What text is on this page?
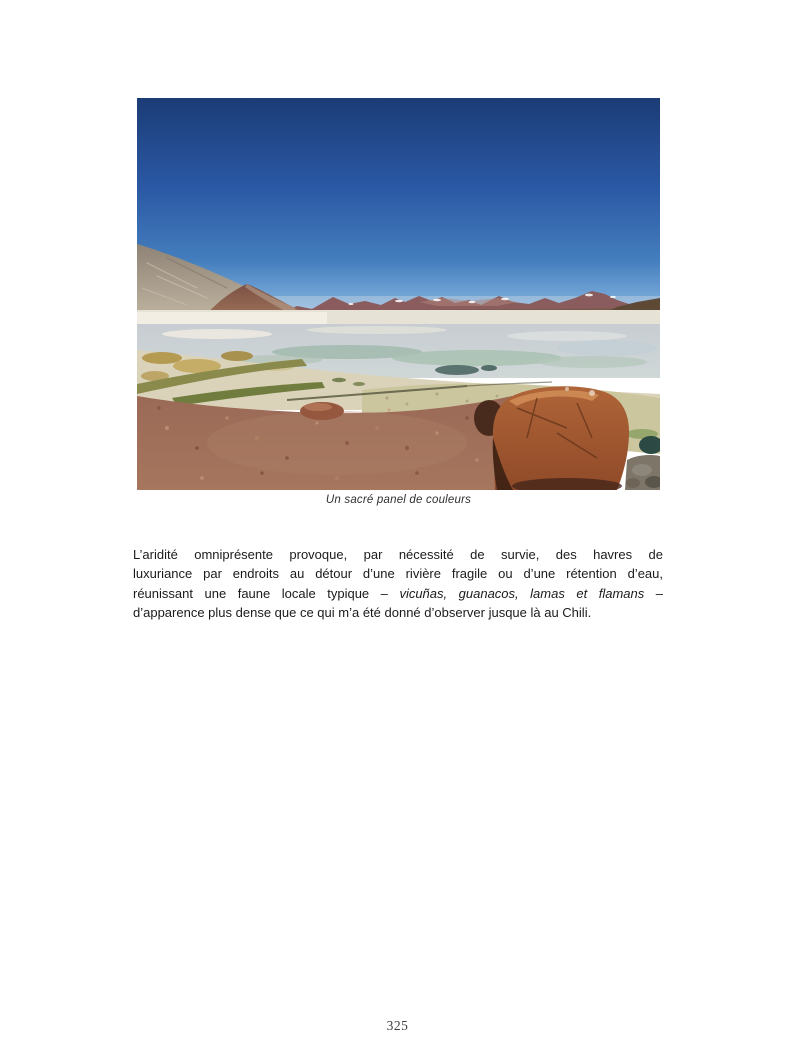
Un sacré panel de couleurs
L’aridité omniprésente provoque, par nécessité de survie, des havres de
luxuriance par endroits au détour d’une rivière fragile ou d’une rétention d’eau,
réunissant une faune locale typique – vicuñas, guanacos, lamas et flamans –
d’apparence plus dense que ce qui m’a été donné d’observer jusque là au Chili.
325
